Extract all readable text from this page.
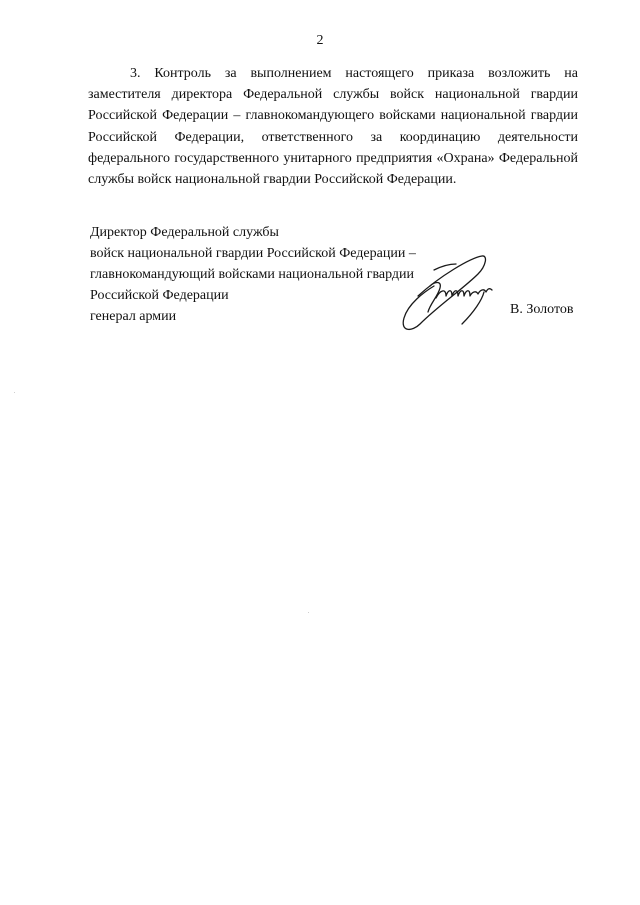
2

3. Контроль за выполнением настоящего приказа возложить на заместителя директора Федеральной службы войск национальной гвардии Российской Федерации – главнокомандующего войсками национальной гвардии Российской Федерации, ответственного за координацию деятельности федерального государственного унитарного предприятия «Охрана» Федеральной службы войск национальной гвардии Российской Федерации.

Директор Федеральной службы
войск национальной гвардии Российской Федерации –
главнокомандующий войсками национальной гвардии
Российской Федерации
генерал армии	В. Золотов
